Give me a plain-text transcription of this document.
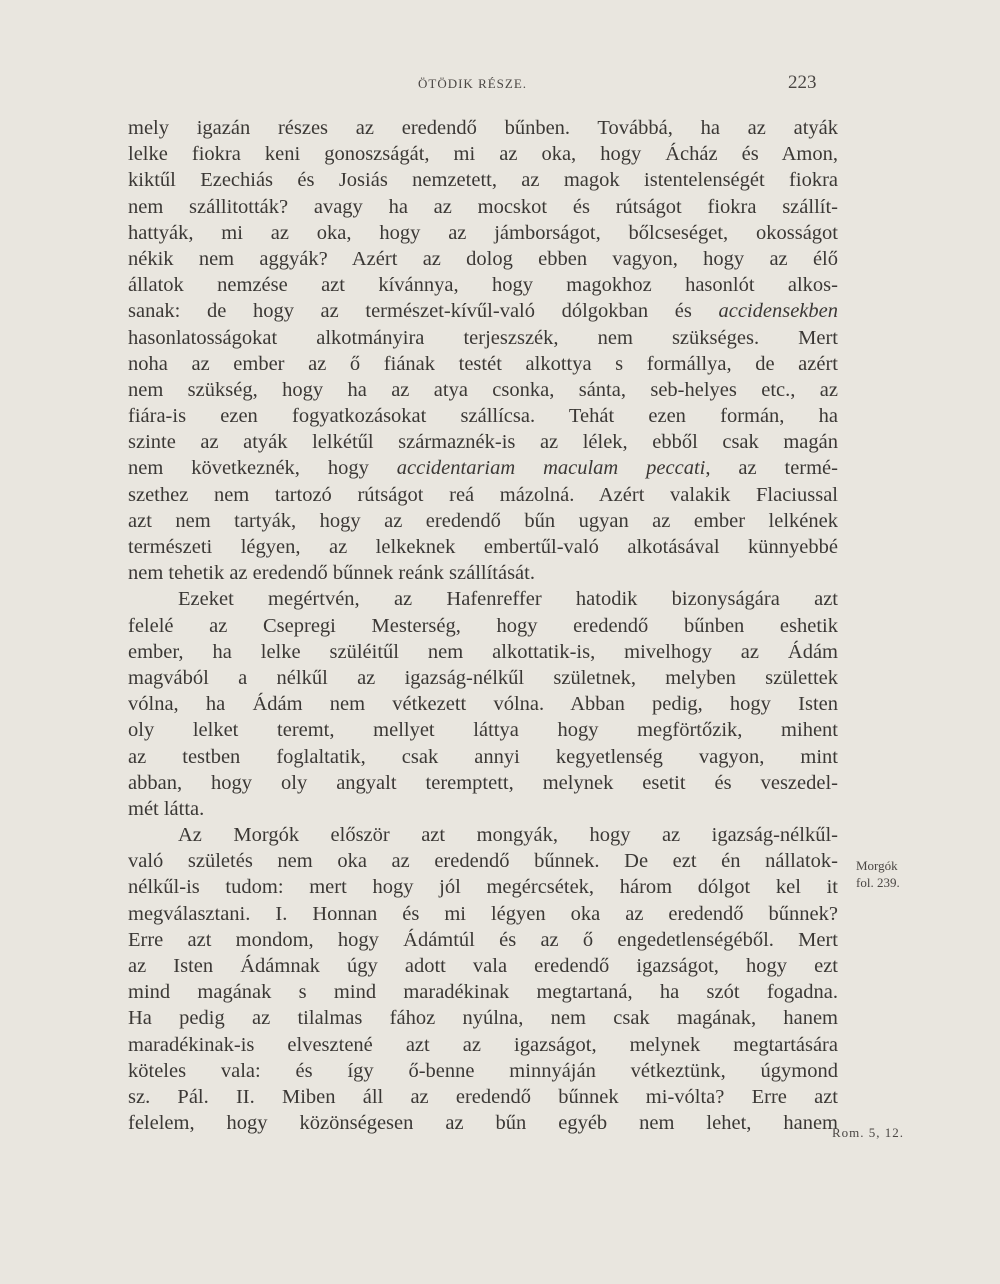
ÖTÖDIK RÉSZE.	223
mely igazán részes az eredendő bűnben. Továbbá, ha az atyák
lelke fiokra keni gonoszságát, mi az oka, hogy Ácház és Amon,
kiktűl Ezechiás és Josiás nemzetett, az magok istentelenségét fiokra
nem szállitották? avagy ha az mocskot és rútságot fiokra szállít-
hattyák, mi az oka, hogy az jámborságot, bőlcseséget, okosságot
nékik nem aggyák? Azért az dolog ebben vagyon, hogy az élő
állatok nemzése azt kívánnya, hogy magokhoz hasonlót alkos-
sanak: de hogy az természet-kívűl-való dólgokban és accidensekben
hasonlatosságokat alkotmányira terjeszszék, nem szükséges. Mert
noha az ember az ő fiának testét alkottya s formállya, de azért
nem szükség, hogy ha az atya csonka, sánta, seb-helyes etc., az
fiára-is ezen fogyatkozásokat szállícsa. Tehát ezen formán, ha
szinte az atyák lelkétűl származnék-is az lélek, ebből csak magán
nem következnék, hogy accidentariam maculam peccati, az termé-
szethez nem tartozó rútságot reá mázolná. Azért valakik Flaciussal
azt nem tartyák, hogy az eredendő bűn ugyan az ember lelkének
természeti légyen, az lelkeknek embertűl-való alkotásával künnyebbé
nem tehetik az eredendő bűnnek reánk szállítását.
Ezeket megértvén, az Hafenreffer hatodik bizonyságára azt
felelé az Csepregi Mesterség, hogy eredendő bűnben eshetik
ember, ha lelke szüléitűl nem alkottatik-is, mivelhogy az Ádám
magvából a nélkűl az igazság-nélkűl születnek, melyben születtek
vólna, ha Ádám nem vétkezett vólna. Abban pedig, hogy Isten
oly lelket teremt, mellyet láttya hogy megförtőzik, mihent
az testben foglaltatik, csak annyi kegyetlenség vagyon, mint
abban, hogy oly angyalt teremptett, melynek esetit és veszedel-
mét látta.
Az Morgók először azt mongyák, hogy az igazság-nélkűl-
való születés nem oka az eredendő bűnnek. De ezt én nállatok-
nélkűl-is tudom: mert hogy jól megércsétek, három dólgot kel it
megválasztani. I. Honnan és mi légyen oka az eredendő bűnnek?
Erre azt mondom, hogy Ádámtúl és az ő engedetlenségéből. Mert
az Isten Ádámnak úgy adott vala eredendő igazságot, hogy ezt
mind magának s mind maradékinak megtartaná, ha szót fogadna.
Ha pedig az tilalmas fához nyúlna, nem csak magának, hanem
maradékinak-is elvesztené azt az igazságot, melynek megtartására
köteles vala: és így ő-benne minnyáján vétkeztünk, úgymond
sz. Pál. II. Miben áll az eredendő bűnnek mi-vólta? Erre azt
felelem, hogy közönségesen az bűn egyéb nem lehet, hanem
Morgók
fol. 239.
Rom. 5, 12.
